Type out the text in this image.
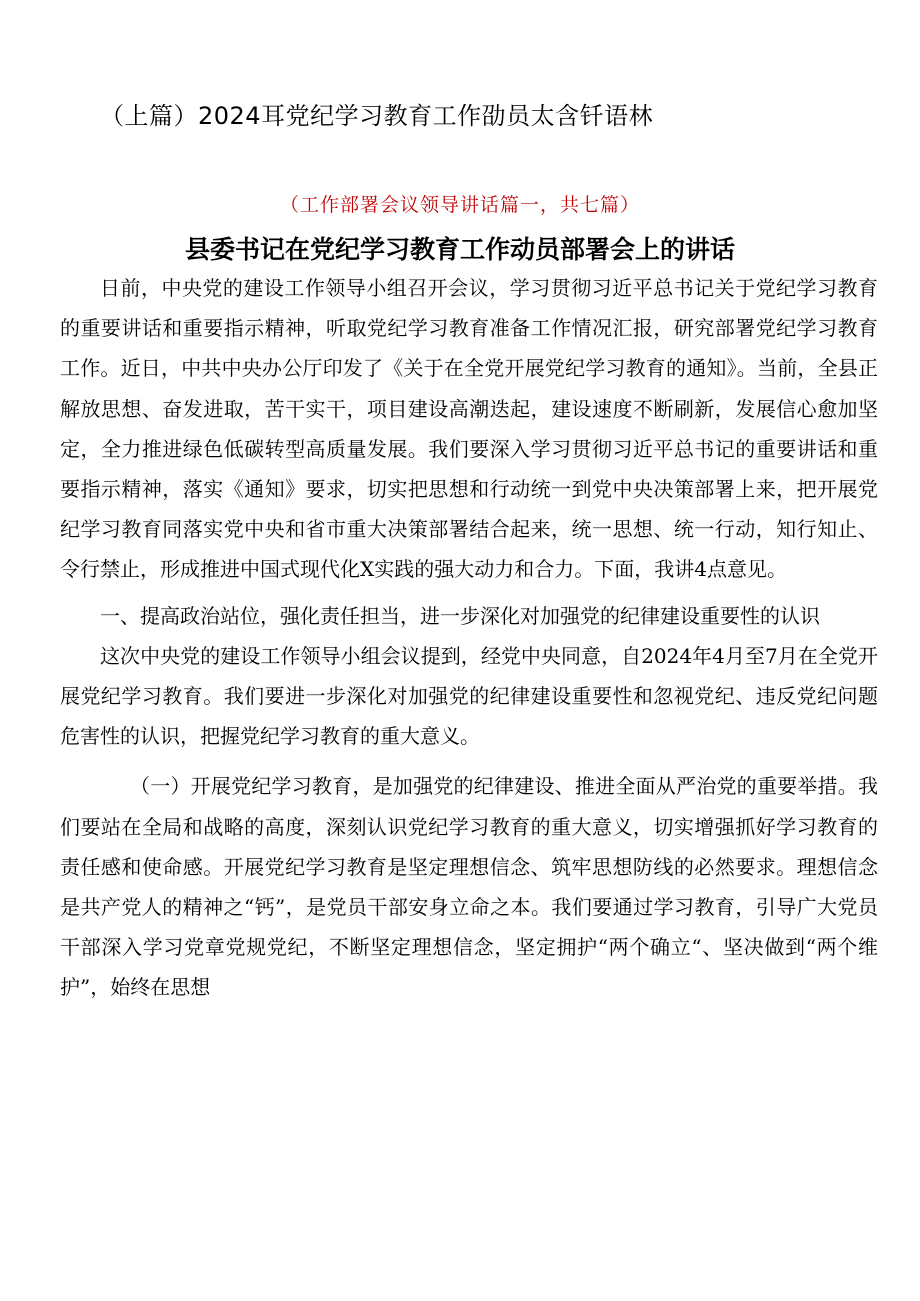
（上篇）2024耳党纪学习教育工作劭员太含钎语林
（工作部署会议领导讲话篇一，共七篇）
县委书记在党纪学习教育工作动员部署会上的讲话

日前，中央党的建设工作领导小组召开会议，学习贯彻习近平总书记关于党纪学习教育的重要讲话和重要指示精神，听取党纪学习教育准备工作情况汇报，研究部署党纪学习教育工作。近日，中共中央办公厅印发了《关于在全党开展党纪学习教育的通知》。当前，全县正解放思想、奋发进取，苦干实干，项目建设高潮迭起，建设速度不断刷新，发展信心愈加坚定，全力推进绿色低碳转型高质量发展。我们要深入学习贯彻习近平总书记的重要讲话和重要指示精神，落实《通知》要求，切实把思想和行动统一到党中央决策部署上来，把开展党纪学习教育同落实党中央和省市重大决策部署结合起来，统一思想、统一行动，知行知止、令行禁止，形成推进中国式现代化X实践的强大动力和合力。下面，我讲4点意见。

一、提高政治站位，强化责任担当，进一步深化对加强党的纪律建设重要性的认识

这次中央党的建设工作领导小组会议提到，经党中央同意，自2024年4月至7月在全党开展党纪学习教育。我们要进一步深化对加强党的纪律建设重要性和忽视党纪、违反党纪问题危害性的认识，把握党纪学习教育的重大意义。

（一）开展党纪学习教育，是加强党的纪律建设、推进全面从严治党的重要举措。我们要站在全局和战略的高度，深刻认识党纪学习教育的重大意义，切实增强抓好学习教育的责任感和使命感。开展党纪学习教育是坚定理想信念、筑牢思想防线的必然要求。理想信念是共产党人的精神之“钙”，是党员干部安身立命之本。我们要通过学习教育，引导广大党员干部深入学习党章党规党纪，不断坚定理想信念，坚定拥护“两个确立“、坚决做到“两个维护”，始终在思想
